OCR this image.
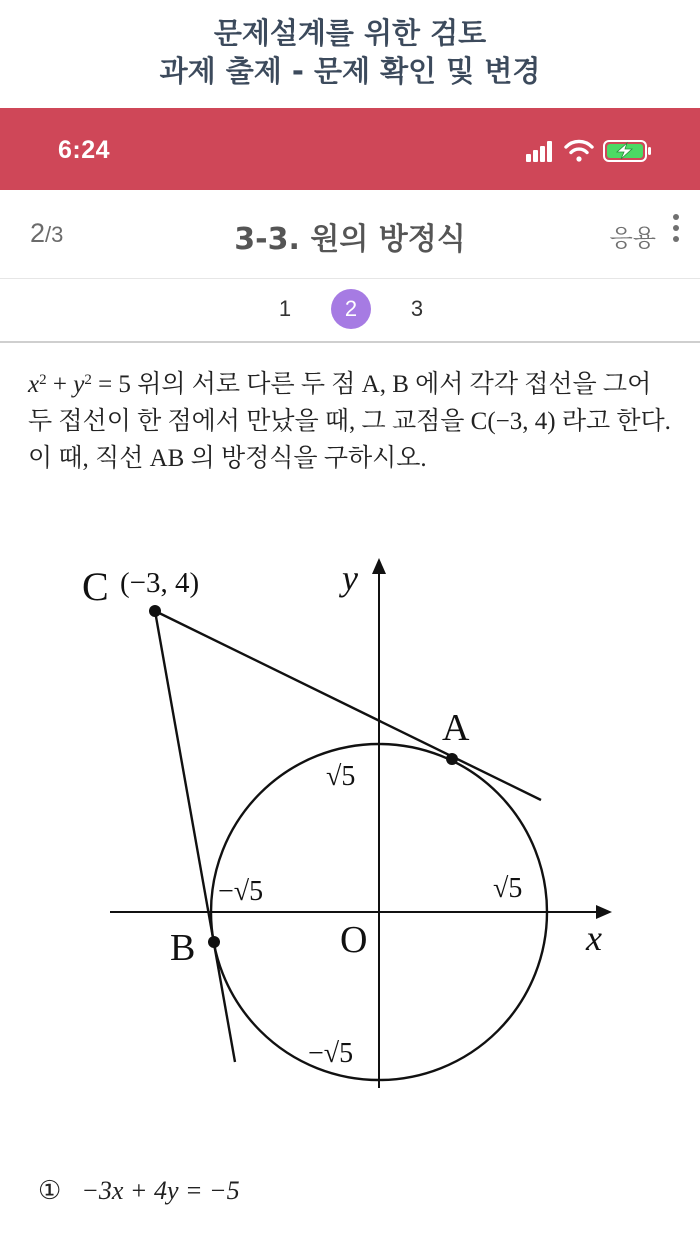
문제설계를 위한 검토
과제 출제 - 문제 확인 및 변경
6:24
2/3	3-3. 원의 방정식	응용
1	2	3
$x^2 + y^2 = 5$ 위의 서로 다른 두 점 A, B 에서 각각 접선을 그어 두 접선이 한 점에서 만났을 때, 그 교점을 C(−3, 4) 라고 한다. 이 때, 직선 AB 의 방정식을 구하시오.
C (−3, 4)
A
B	O	x
y
√5
−√5
−√5	√5
① −3x + 4y = −5
